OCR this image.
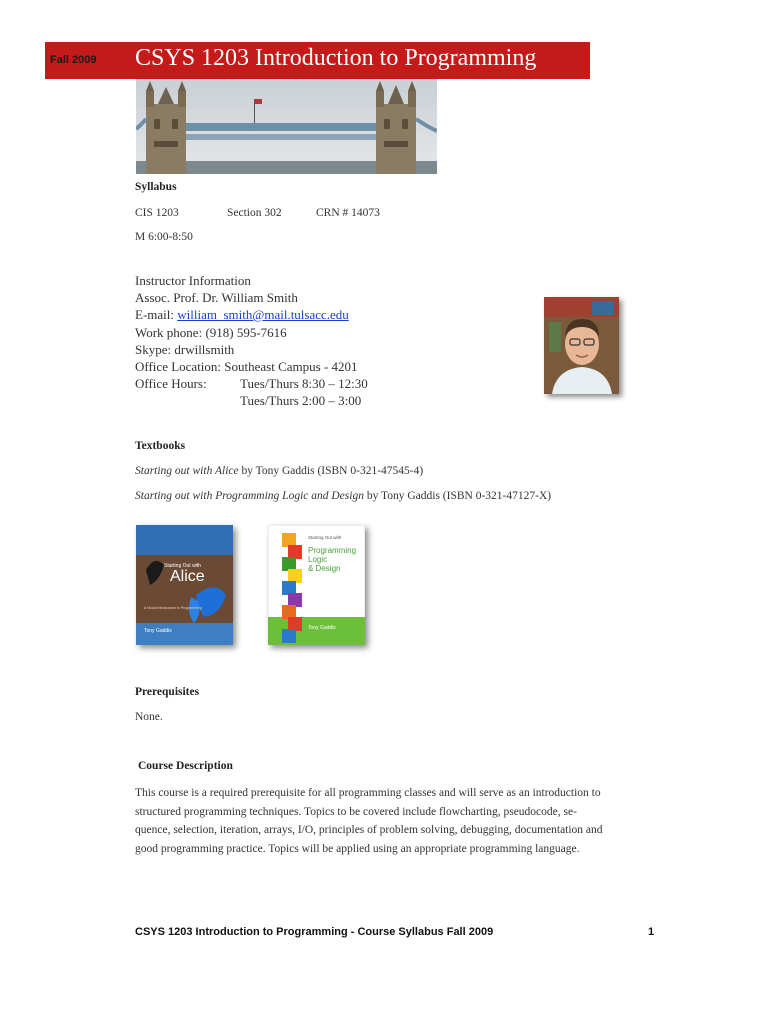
Fall 2009 CSYS 1203 Introduction to Programming
Syllabus
CIS 1203	Section 302	CRN # 14073
M 6:00-8:50
Instructor Information
Assoc. Prof. Dr. William Smith
E-mail: william_smith@mail.tulsacc.edu
Work phone: (918) 595-7616
Skype: drwillsmith
Office Location: Southeast Campus - 4201
Office Hours:	Tues/Thurs 8:30 – 12:30
Tues/Thurs 2:00 – 3:00
Textbooks
Starting out with Alice by Tony Gaddis (ISBN 0-321-47545-4)
Starting out with Programming Logic and Design by Tony Gaddis (ISBN 0-321-47127-X)
Starting Out with
Alice
A Visual Introduction to Programming
Tony Gaddis
Starting Out with
Programming
Logic
& Design
Tony Gaddis
Prerequisites
None.
Course Description
This course is a required prerequisite for all programming classes and will serve as an introduction to
structured programming techniques. Topics to be covered include flowcharting, pseudocode, se-
quence, selection, iteration, arrays, I/O, principles of problem solving, debugging, documentation and
good programming practice. Topics will be applied using an appropriate programming language.
CSYS 1203 Introduction to Programming - Course Syllabus Fall 2009	1
